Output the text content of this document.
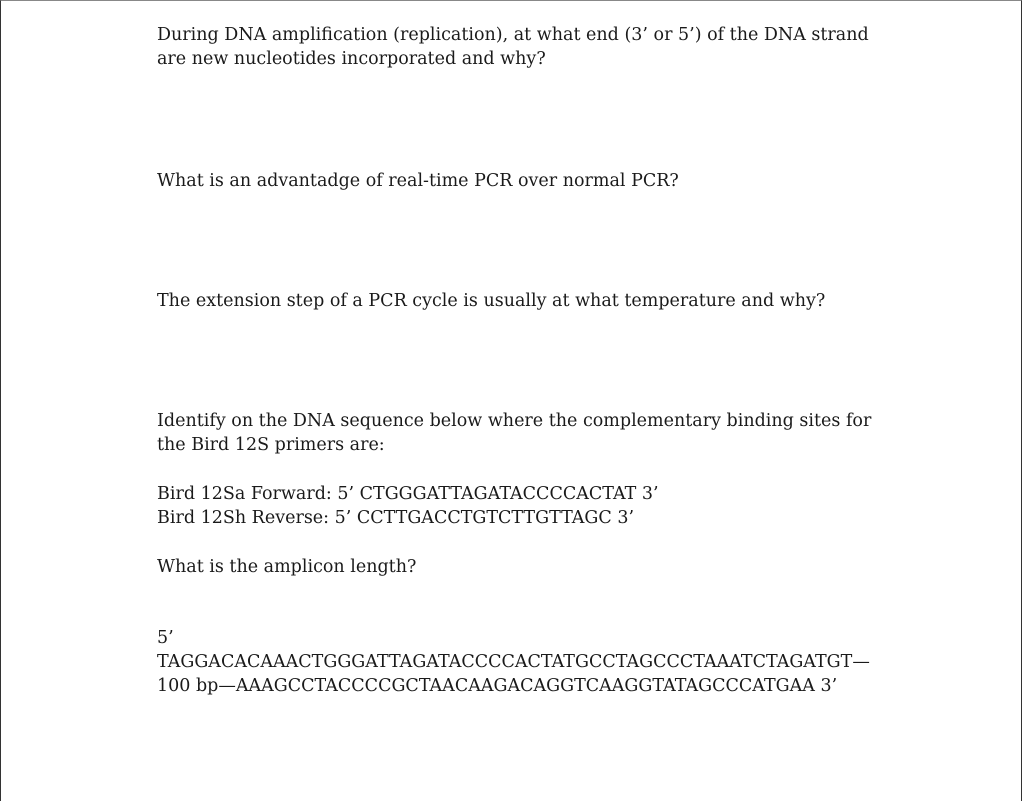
During DNA amplification (replication), at what end (3’ or 5’) of the DNA strand
are new nucleotides incorporated and why?
What is an advantadge of real-time PCR over normal PCR?
The extension step of a PCR cycle is usually at what temperature and why?
Identify on the DNA sequence below where the complementary binding sites for
the Bird 12S primers are:
Bird 12Sa Forward: 5’ CTGGGATTAGATACCCCACTAT 3’
Bird 12Sh Reverse: 5’ CCTTGACCTGTCTTGTTAGC 3’
What is the amplicon length?
5’
TAGGACACAAACTGGGATTAGATACCCCACTATGCCTAGCCCTAAATCTAGATGT—
100 bp—AAAGCCTACCCCGCTAACAAGACAGGTCAAGGTATAGCCCATGAA 3’
